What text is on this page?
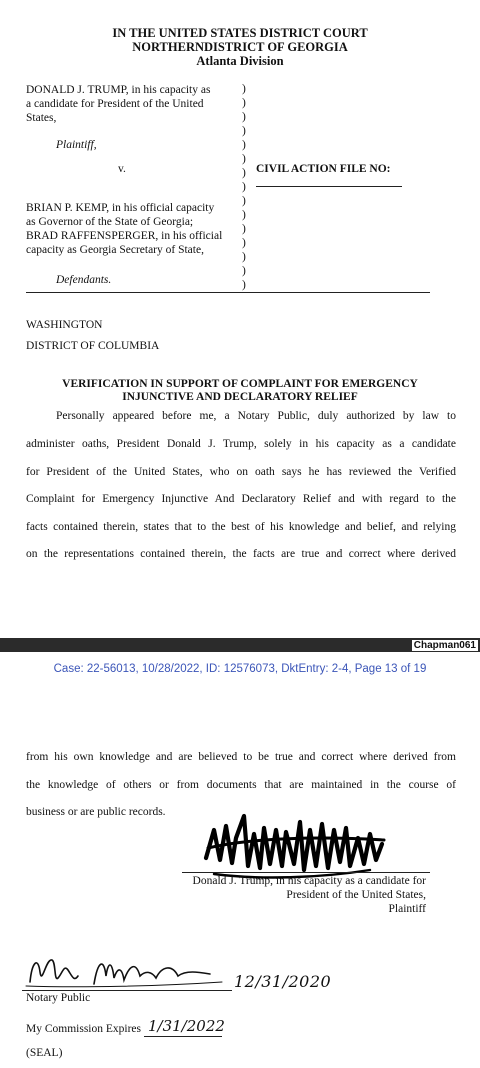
IN THE UNITED STATES DISTRICT COURT
NORTHERNDISTRICT OF GEORGIA
Atlanta Division
DONALD J. TRUMP, in his capacity as
a candidate for President of the United
States,
Plaintiff,
v.
)
)
)
)
)
)
)
)
)
)
)
)
)
)
)
CIVIL ACTION FILE NO:
BRIAN P. KEMP, in his official capacity
as Governor of the State of Georgia;
BRAD RAFFENSPERGER, in his official
capacity as Georgia Secretary of State,
Defendants.
WASHINGTON
DISTRICT OF COLUMBIA
VERIFICATION IN SUPPORT OF COMPLAINT FOR EMERGENCY
INJUNCTIVE AND DECLARATORY RELIEF
Personally appeared before me, a Notary Public, duly authorized by law to
administer oaths, President Donald J. Trump, solely in his capacity as a candidate
for President of the United States, who on oath says he has reviewed the Verified
Complaint for Emergency Injunctive And Declaratory Relief and with regard to the
facts contained therein, states that to the best of his knowledge and belief, and relying
on the representations contained therein, the facts are true and correct where derived
Chapman061
Case: 22-56013, 10/28/2022, ID: 12576073, DktEntry: 2-4, Page 13 of 19
from his own knowledge and are believed to be true and correct where derived from
the knowledge of others or from documents that are maintained in the course of
business or are public records.
Donald J. Trump, in his capacity as a candidate for
President of the United States,
Plaintiff
12/31/2020
Notary Public
My Commission Expires 1/31/2022
(SEAL)
